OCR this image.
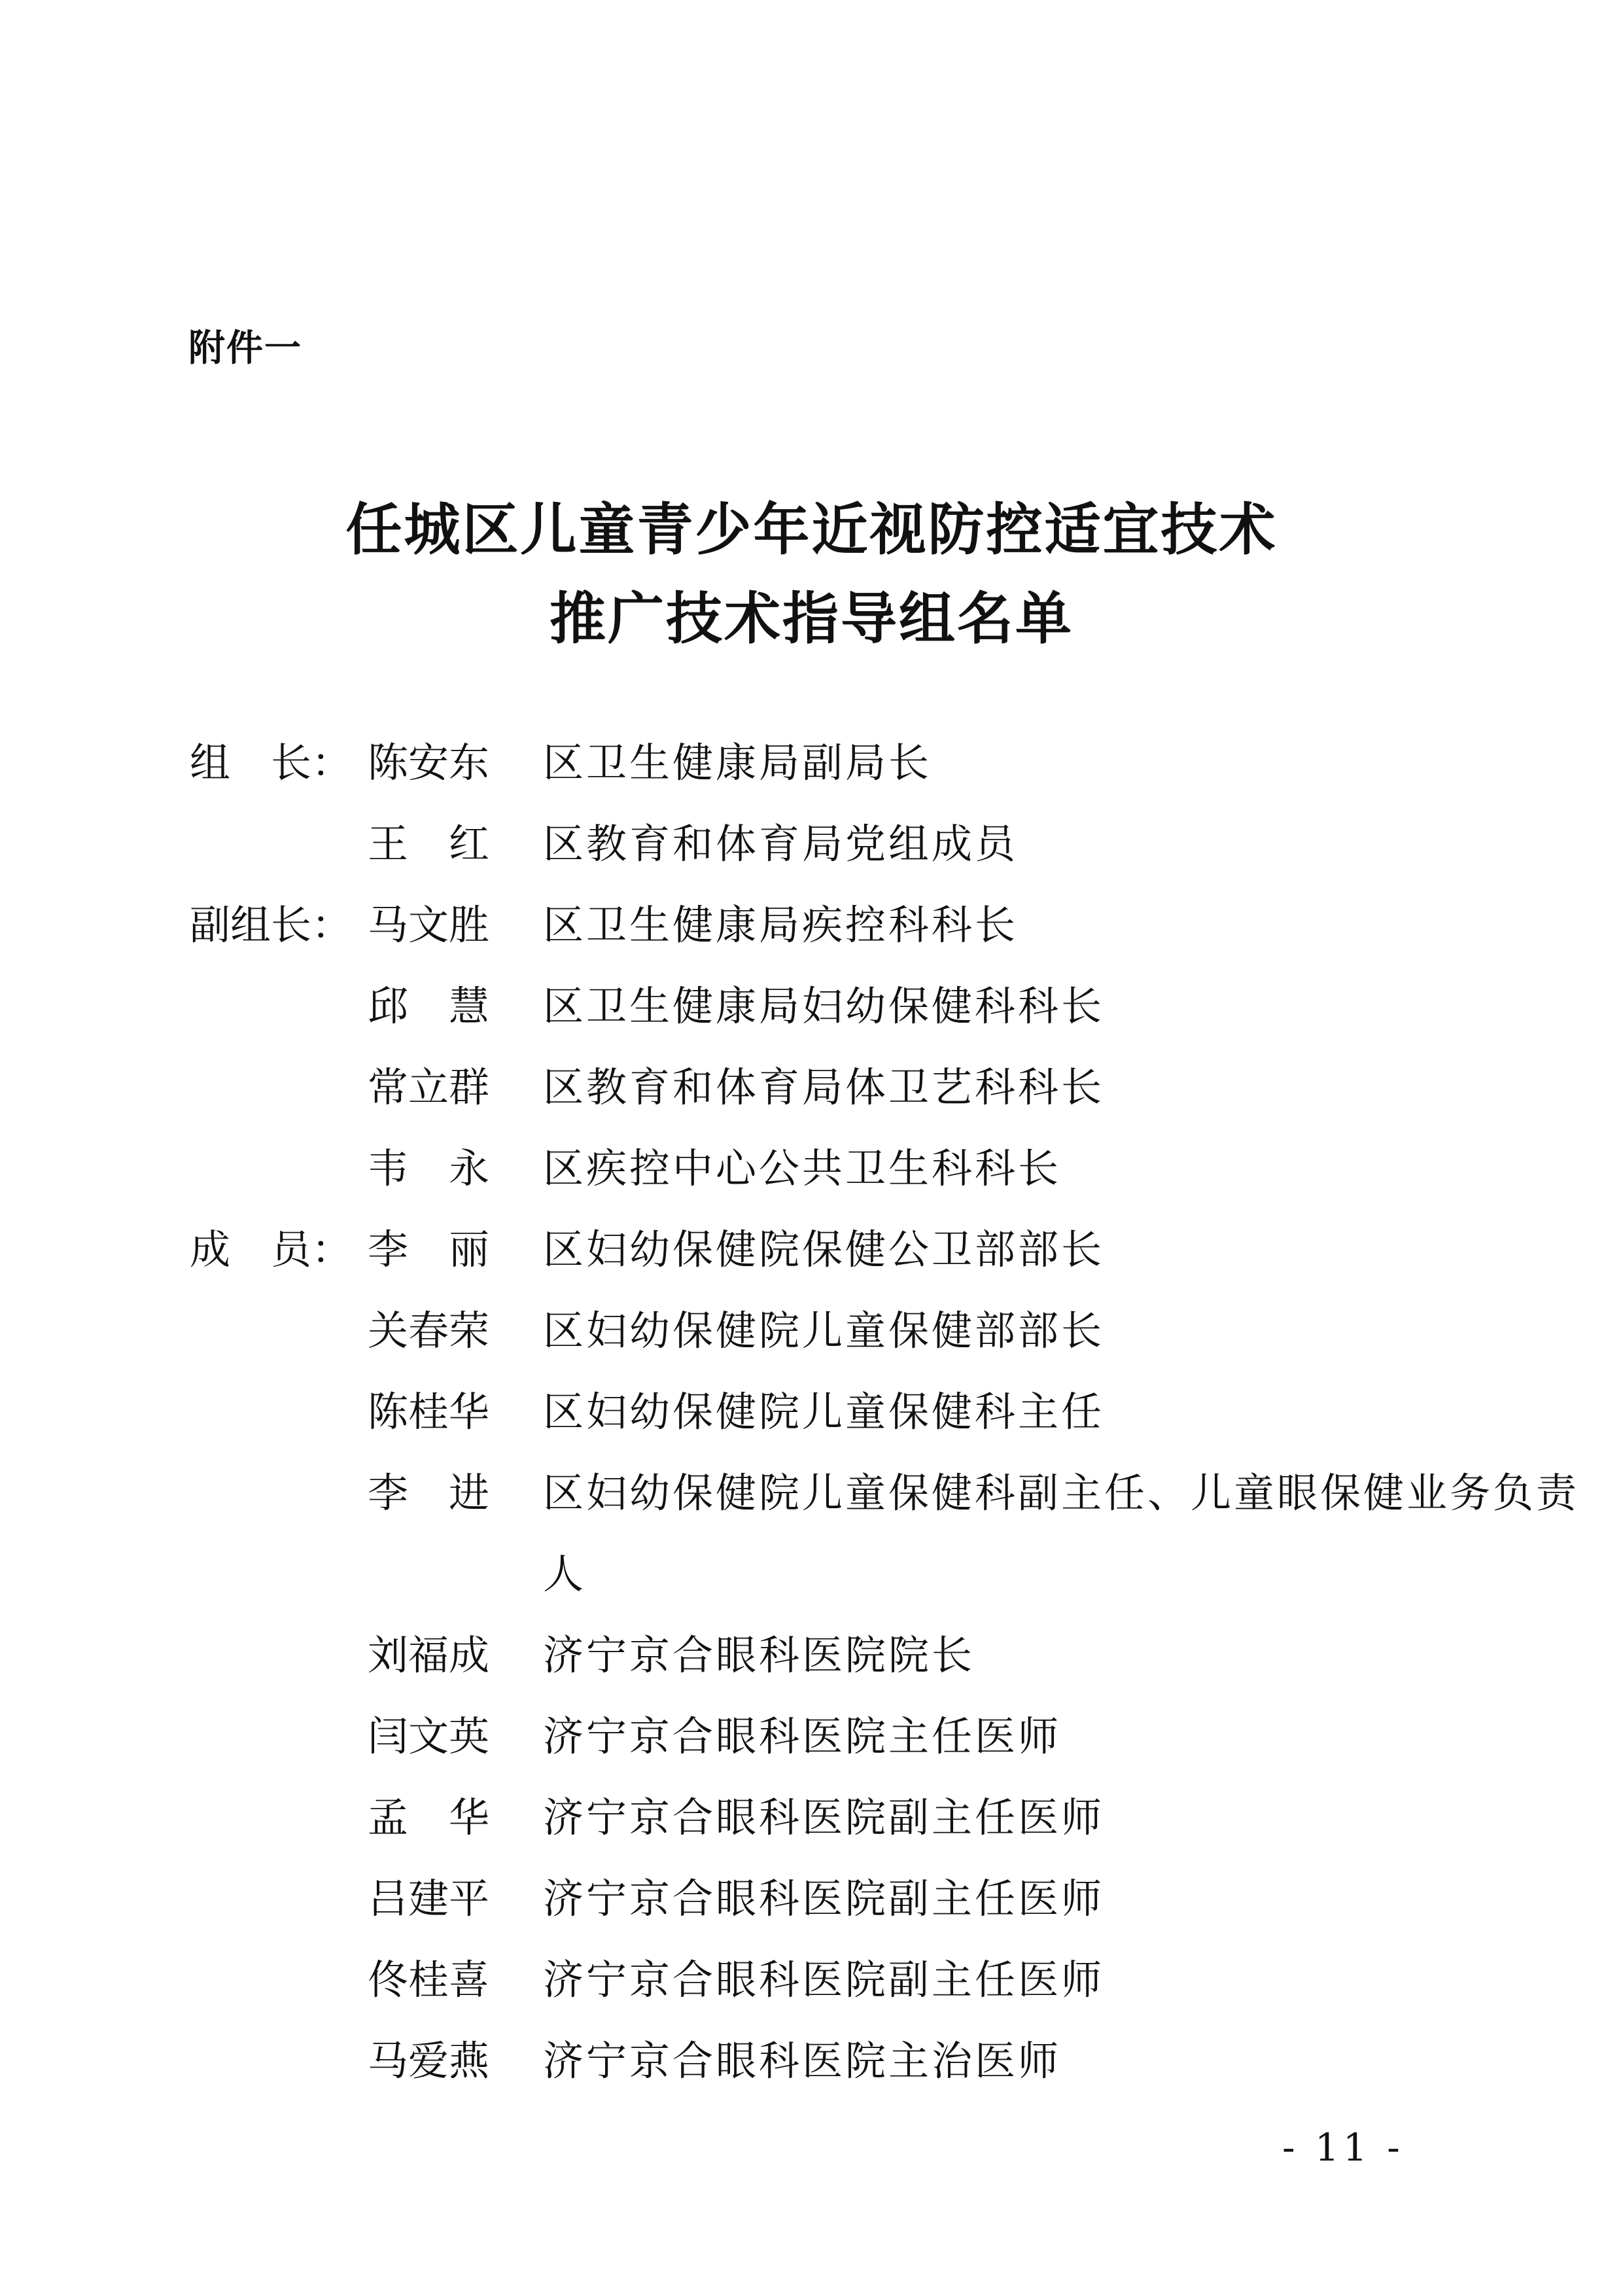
附件一
任城区儿童青少年近视防控适宜技术
推广技术指导组名单
组　长： 陈安东 区卫生健康局副局长
王　红 区教育和体育局党组成员
副组长： 马文胜 区卫生健康局疾控科科长
邱　慧 区卫生健康局妇幼保健科科长
常立群 区教育和体育局体卫艺科科长
韦　永 区疾控中心公共卫生科科长
成　员： 李　丽 区妇幼保健院保健公卫部部长
关春荣 区妇幼保健院儿童保健部部长
陈桂华 区妇幼保健院儿童保健科主任
李　进 区妇幼保健院儿童保健科副主任、儿童眼保健业务负责人
刘福成 济宁京合眼科医院院长
闫文英 济宁京合眼科医院主任医师
孟　华 济宁京合眼科医院副主任医师
吕建平 济宁京合眼科医院副主任医师
佟桂喜 济宁京合眼科医院副主任医师
马爱燕 济宁京合眼科医院主治医师
- 11 -
